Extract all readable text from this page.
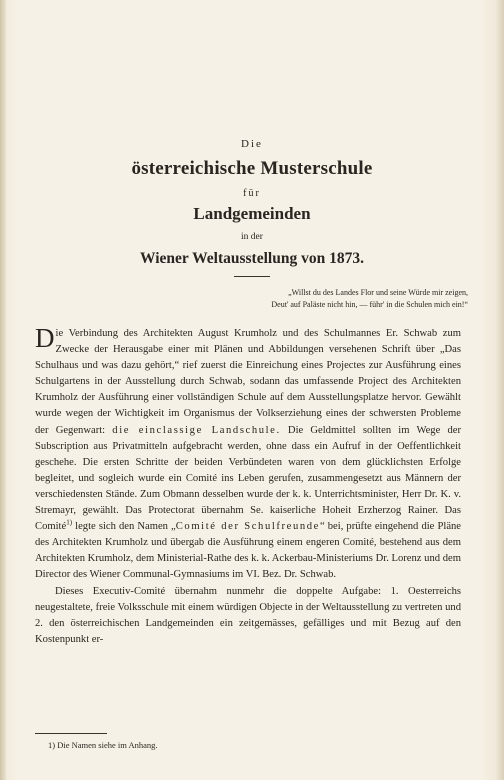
Die
österreichische Musterschule
für
Landgemeinden
in der
Wiener Weltausstellung von 1873.
„Willst du des Landes Flor und seine Würde mir zeigen,
Deut' auf Paläste nicht hin, — führ' in die Schulen mich ein!“

Die Verbindung des Architekten August Krumholz und des Schulmannes Er. Schwab zum Zwecke der Herausgabe einer mit Plänen und Abbildungen versehenen Schrift über „Das Schulhaus und was dazu gehört,“ rief zuerst die Einreichung eines Projectes zur Ausführung eines Schulgartens in der Ausstellung durch Schwab, sodann das umfassende Project des Architekten Krumholz der Ausführung einer vollständigen Schule auf dem Ausstellungsplatze hervor. Gewählt wurde wegen der Wichtigkeit im Organismus der Volkserziehung eines der schwersten Probleme der Gegenwart: die einclassige Landschule. Die Geldmittel sollten im Wege der Subscription aus Privatmitteln aufgebracht werden, ohne dass ein Aufruf in der Oeffentlichkeit geschehe. Die ersten Schritte der beiden Verbündeten waren von dem glücklichsten Erfolge begleitet, und sogleich wurde ein Comité ins Leben gerufen, zusammengesetzt aus Männern der verschiedensten Stände. Zum Obmann desselben wurde der k. k. Unterrichtsminister, Herr Dr. K. v. Stremayr, gewählt. Das Protectorat übernahm Se. kaiserliche Hoheit Erzherzog Rainer. Das Comité$^{1)}$ legte sich den Namen „Comité der Schulfreunde“ bei, prüfte eingehend die Pläne des Architekten Krumholz und übergab die Ausführung einem engeren Comité, bestehend aus dem Architekten Krumholz, dem Ministerial-Rathe des k. k. Ackerbau-Ministeriums Dr. Lorenz und dem Director des Wiener Communal-Gymnasiums im VI. Bez. Dr. Schwab.

Dieses Executiv-Comité übernahm nunmehr die doppelte Aufgabe: 1. Oesterreichs neugestaltete, freie Volksschule mit einem würdigen Objecte in der Weltausstellung zu vertreten und 2. den österreichischen Landgemeinden ein zeitgemässes, gefälliges und mit Bezug auf den Kostenpunkt er-

1) Die Namen siehe im Anhang.
